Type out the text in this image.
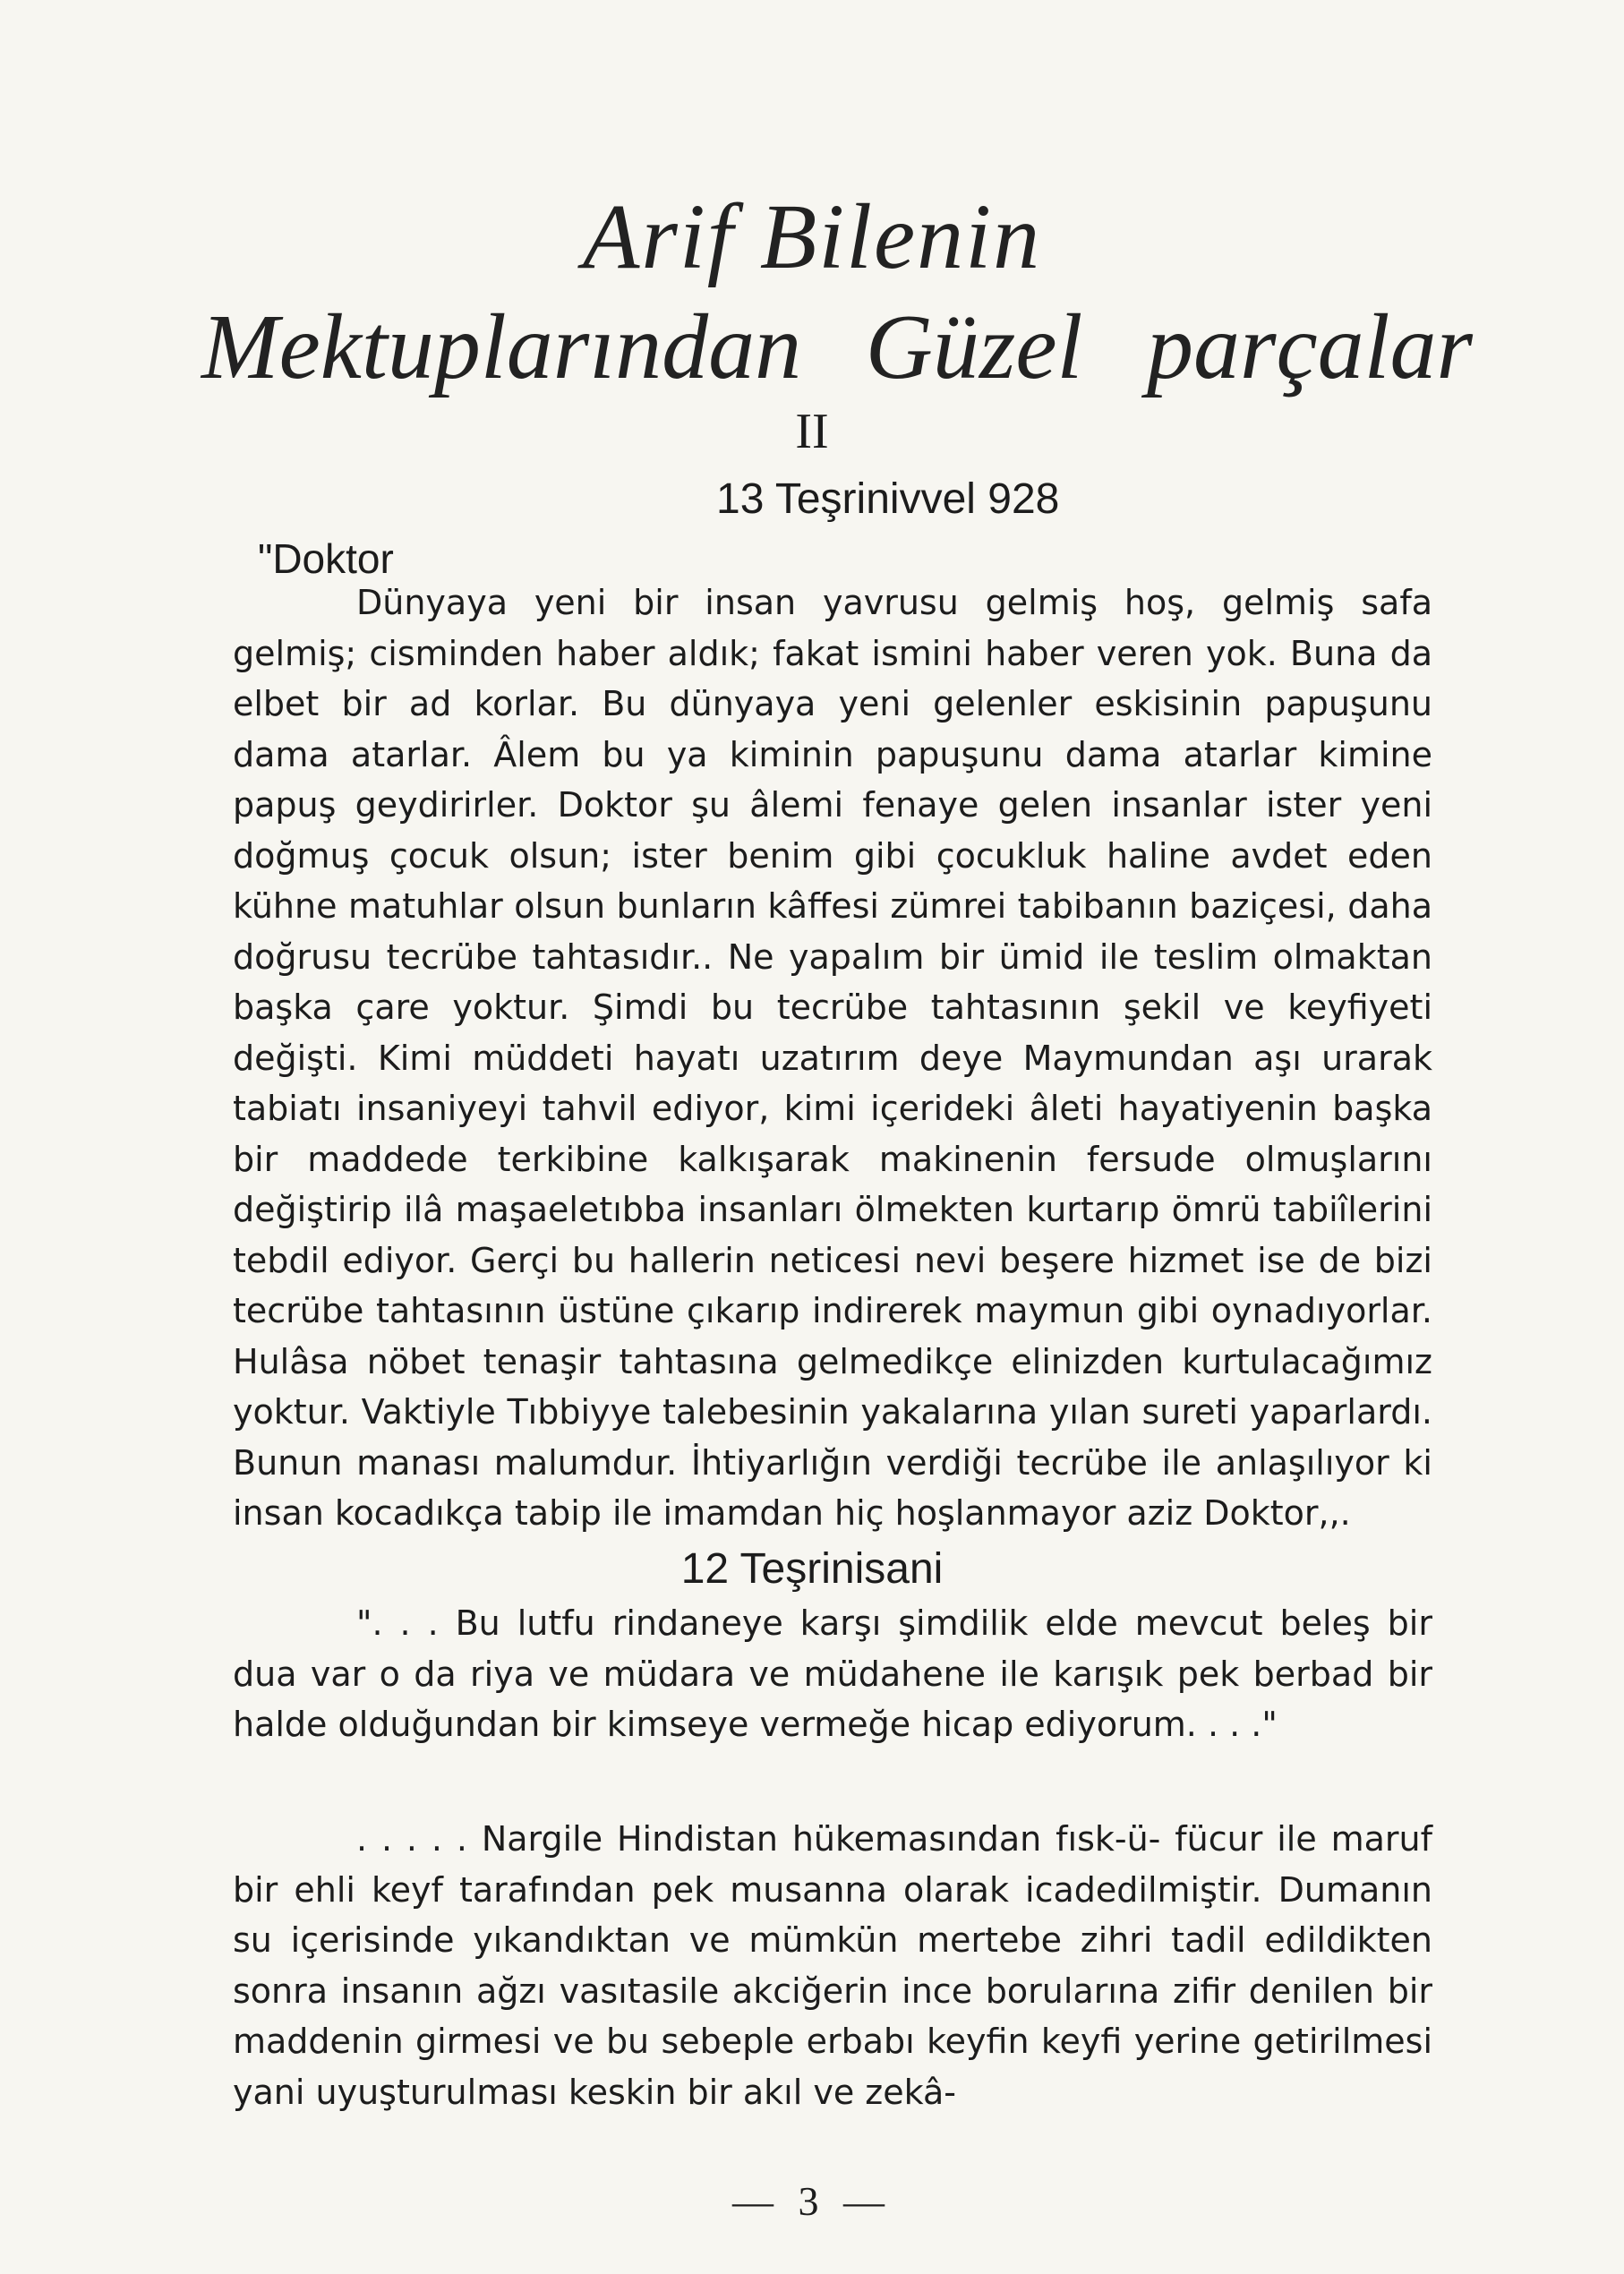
Arif Bilenin
Mektuplarından Güzel parçalar
II
13 Teşrinivvel 928
"Doktor

Dünyaya yeni bir insan yavrusu gelmiş hoş, gelmiş safa gelmiş; cisminden haber aldık; fakat ismini haber veren yok. Buna da elbet bir ad korlar. Bu dünyaya yeni gelenler eskisinin papuşunu dama atarlar. Âlem bu ya kiminin papuşunu dama atarlar kimine papuş geydirirler. Doktor şu âlemi fenaye gelen insanlar ister yeni doğmuş çocuk olsun; ister benim gibi çocukluk haline avdet eden kühne matuhlar olsun bunların kâffesi zümrei tabibanın baziçesi, daha doğrusu tecrübe tahtasıdır.. Ne yapalım bir ümid ile teslim olmaktan başka çare yoktur. Şimdi bu tecrübe tahtasının şekil ve keyfiyeti değişti. Kimi müddeti hayatı uzatırım deye Maymundan aşı urarak tabiatı insaniyeyi tahvil ediyor, kimi içerideki âleti hayatiyenin başka bir maddede terkibine kalkışarak makinenin fersude olmuşlarını değiştirip ilâ maşaeletıbba insanları ölmekten kurtarıp ömrü tabiîlerini tebdil ediyor. Gerçi bu hallerin neticesi nevi beşere hizmet ise de bizi tecrübe tahtasının üstüne çıkarıp indirerek maymun gibi oynadıyorlar. Hulâsa nöbet tenaşir tahtasına gelmedikçe elinizden kurtulacağımız yoktur. Vaktiyle Tıbbiyye talebesinin yakalarına yılan sureti yaparlardı. Bunun manası malumdur. İhtiyarlığın verdiği tecrübe ile anlaşılıyor ki insan kocadıkça tabip ile imamdan hiç hoşlanmayor aziz Doktor,,.

12 Teşrinisani

". . . Bu lutfu rindaneye karşı şimdilik elde mevcut beleş bir dua var o da riya ve müdara ve müdahene ile karışık pek berbad bir halde olduğundan bir kimseye vermeğe hicap ediyorum. . . ."

. . . . . Nargile Hindistan hükemasından fısk-ü- fücur ile maruf bir ehli keyf tarafından pek musanna olarak icadedilmiştir. Dumanın su içerisinde yıkandıktan ve mümkün mertebe zihri tadil edildikten sonra insanın ağzı vasıtasile akciğerin ince borularına zifir denilen bir maddenin girmesi ve bu sebeple erbabı keyfin keyfi yerine getirilmesi yani uyuşturulması keskin bir akıl ve zekâ-

— 3 —
